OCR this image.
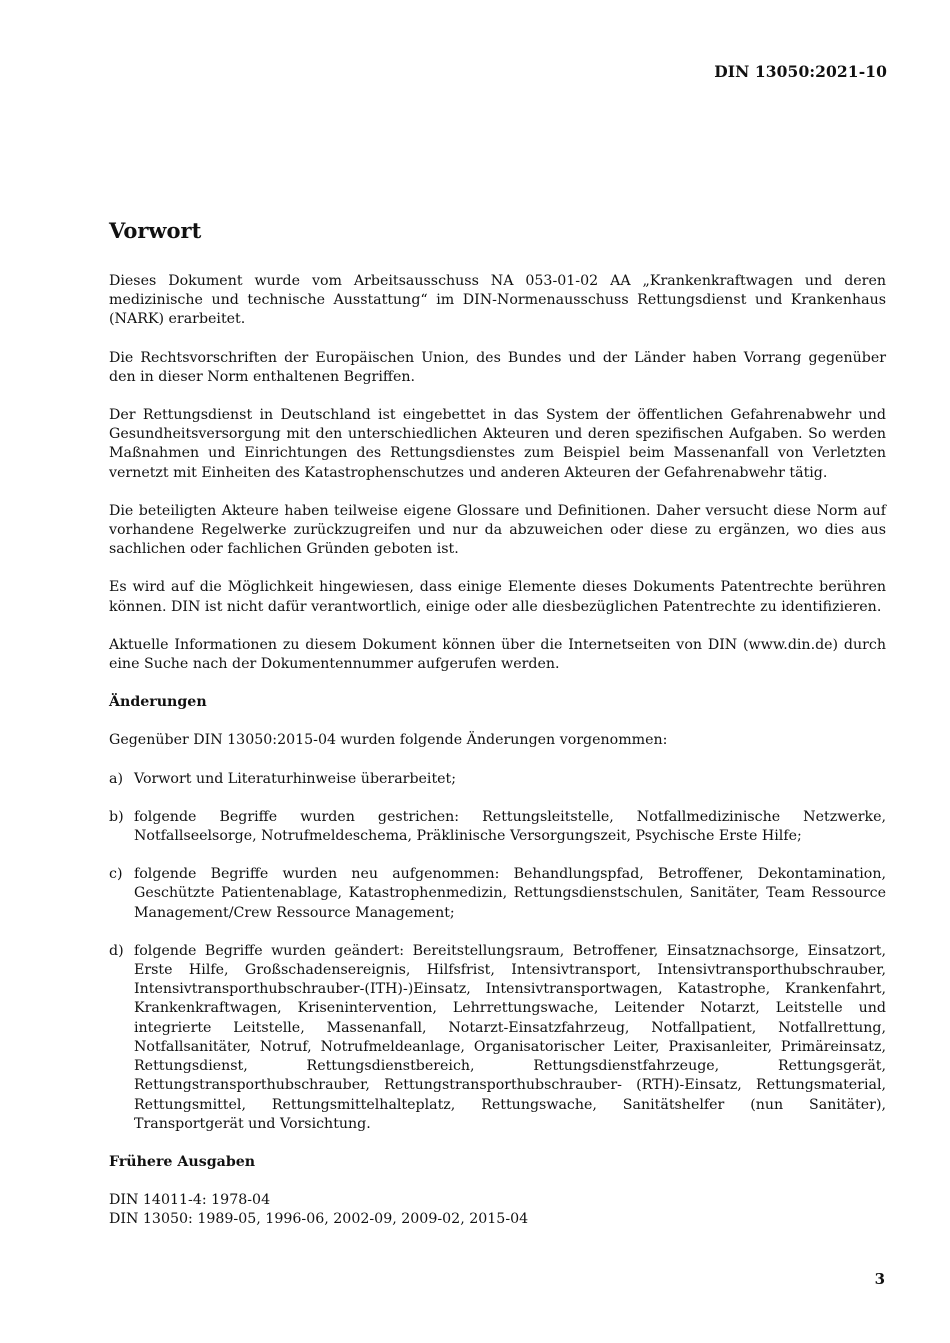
DIN 13050:2021-10
Vorwort

Dieses Dokument wurde vom Arbeitsausschuss NA 053-01-02 AA „Krankenkraftwagen und deren medizinische und technische Ausstattung“ im DIN-Normenausschuss Rettungsdienst und Krankenhaus (NARK) erarbeitet.

Die Rechtsvorschriften der Europäischen Union, des Bundes und der Länder haben Vorrang gegenüber den in dieser Norm enthaltenen Begriffen.

Der Rettungsdienst in Deutschland ist eingebettet in das System der öffentlichen Gefahrenabwehr und Gesundheitsversorgung mit den unterschiedlichen Akteuren und deren spezifischen Aufgaben. So werden Maßnahmen und Einrichtungen des Rettungsdienstes zum Beispiel beim Massenanfall von Verletzten vernetzt mit Einheiten des Katastrophenschutzes und anderen Akteuren der Gefahrenabwehr tätig.

Die beteiligten Akteure haben teilweise eigene Glossare und Definitionen. Daher versucht diese Norm auf vorhandene Regelwerke zurückzugreifen und nur da abzuweichen oder diese zu ergänzen, wo dies aus sachlichen oder fachlichen Gründen geboten ist.

Es wird auf die Möglichkeit hingewiesen, dass einige Elemente dieses Dokuments Patentrechte berühren können. DIN ist nicht dafür verantwortlich, einige oder alle diesbezüglichen Patentrechte zu identifizieren.

Aktuelle Informationen zu diesem Dokument können über die Internetseiten von DIN (www.din.de) durch eine Suche nach der Dokumentennummer aufgerufen werden.

Änderungen

Gegenüber DIN 13050:2015-04 wurden folgende Änderungen vorgenommen:

a) Vorwort und Literaturhinweise überarbeitet;
b) folgende Begriffe wurden gestrichen: Rettungsleitstelle, Notfallmedizinische Netzwerke, Notfallseelsorge, Notrufmeldeschema, Präklinische Versorgungszeit, Psychische Erste Hilfe;
c) folgende Begriffe wurden neu aufgenommen: Behandlungspfad, Betroffener, Dekontamination, Geschützte Patientenablage, Katastrophenmedizin, Rettungsdienstschulen, Sanitäter, Team Ressource Management/Crew Ressource Management;
d) folgende Begriffe wurden geändert: Bereitstellungsraum, Betroffener, Einsatznachsorge, Einsatzort, Erste Hilfe, Großschadensereignis, Hilfsfrist, Intensivtransport, Intensivtransporthubschrauber, Intensivtransporthubschrauber-(ITH)-)Einsatz, Intensivtransportwagen, Katastrophe, Krankenfahrt, Krankenkraftwagen, Krisenintervention, Lehrrettungswache, Leitender Notarzt, Leitstelle und integrierte Leitstelle, Massenanfall, Notarzt-Einsatzfahrzeug, Notfallpatient, Notfallrettung, Notfallsanitäter, Notruf, Notrufmeldeanlage, Organisatorischer Leiter, Praxisanleiter, Primäreinsatz, Rettungsdienst, Rettungsdienstbereich, Rettungsdienstfahrzeuge, Rettungsgerät, Rettungstransporthubschrauber, Rettungstransporthubschrauber- (RTH)-Einsatz, Rettungsmaterial, Rettungsmittel, Rettungsmittelhalteplatz, Rettungswache, Sanitätshelfer (nun Sanitäter), Transportgerät und Vorsichtung.
Frühere Ausgaben
DIN 14011-4: 1978-04
DIN 13050: 1989-05, 1996-06, 2002-09, 2009-02, 2015-04
3
